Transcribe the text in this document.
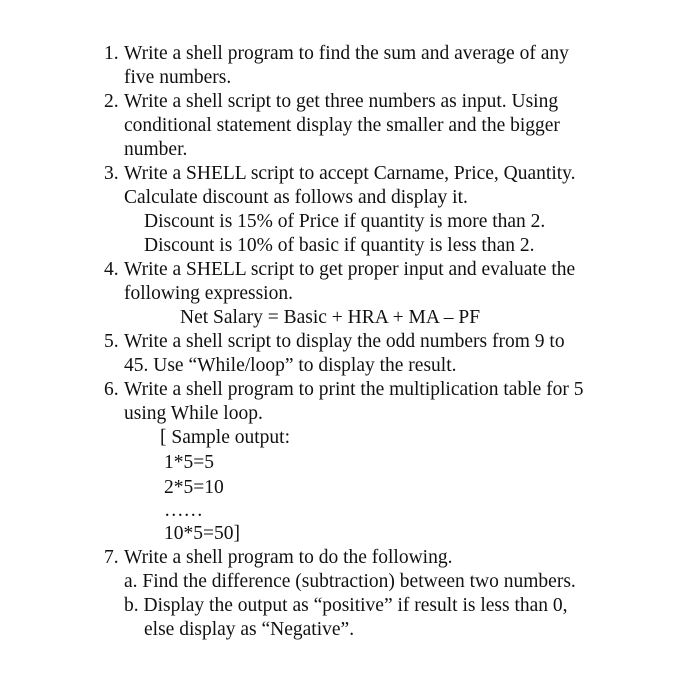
1. Write a shell program to find the sum and average of any
five numbers.
2. Write a shell script to get three numbers as input. Using
conditional statement display the smaller and the bigger
number.
3. Write a SHELL script to accept Carname, Price, Quantity.
Calculate discount as follows and display it.
Discount is 15% of Price if quantity is more than 2.
Discount is 10% of basic if quantity is less than 2.
4. Write a SHELL script to get proper input and evaluate the
following expression.
Net Salary = Basic + HRA + MA – PF
5. Write a shell script to display the odd numbers from 9 to
45. Use “While/loop” to display the result.
6. Write a shell program to print the multiplication table for 5
using While loop.
[ Sample output:
1*5=5
2*5=10
……
10*5=50]
7. Write a shell program to do the following.
a. Find the difference (subtraction) between two numbers.
b. Display the output as “positive” if result is less than 0,
else display as “Negative”.
